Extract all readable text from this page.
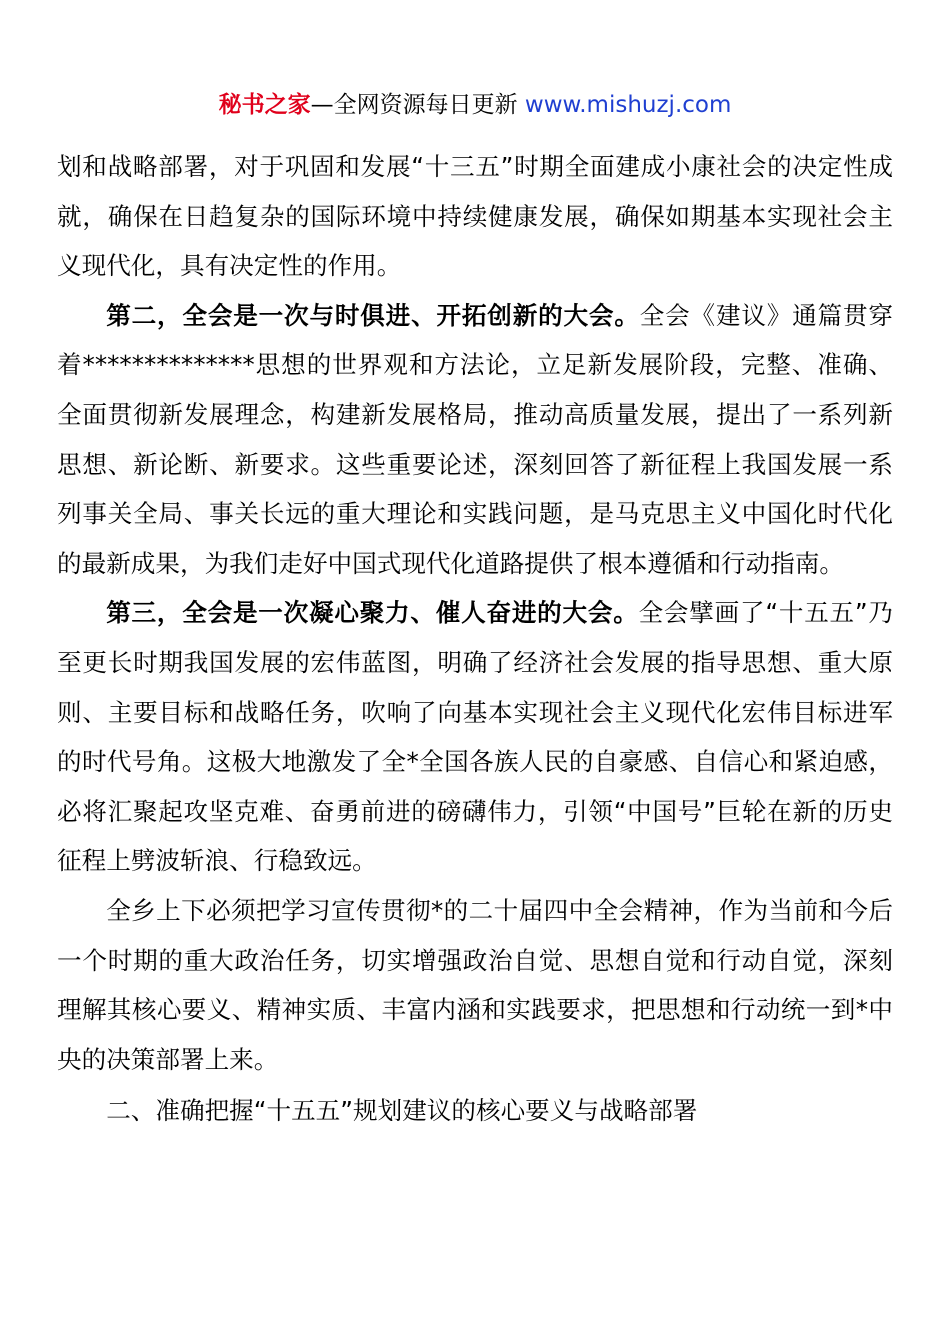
秘书之家—全网资源每日更新 www.mishuzj.com

划和战略部署，对于巩固和发展“十三五”时期全面建成小康社会的决定性成就，确保在日趋复杂的国际环境中持续健康发展，确保如期基本实现社会主义现代化，具有决定性的作用。

第二，全会是一次与时俱进、开拓创新的大会。全会《建议》通篇贯穿着**************思想的世界观和方法论，立足新发展阶段，完整、准确、全面贯彻新发展理念，构建新发展格局，推动高质量发展，提出了一系列新思想、新论断、新要求。这些重要论述，深刻回答了新征程上我国发展一系列事关全局、事关长远的重大理论和实践问题，是马克思主义中国化时代化的最新成果，为我们走好中国式现代化道路提供了根本遵循和行动指南。

第三，全会是一次凝心聚力、催人奋进的大会。全会擘画了“十五五”乃至更长时期我国发展的宏伟蓝图，明确了经济社会发展的指导思想、重大原则、主要目标和战略任务，吹响了向基本实现社会主义现代化宏伟目标进军的时代号角。这极大地激发了全*全国各族人民的自豪感、自信心和紧迫感，必将汇聚起攻坚克难、奋勇前进的磅礴伟力，引领“中国号”巨轮在新的历史征程上劈波斩浪、行稳致远。

全乡上下必须把学习宣传贯彻*的二十届四中全会精神，作为当前和今后一个时期的重大政治任务，切实增强政治自觉、思想自觉和行动自觉，深刻理解其核心要义、精神实质、丰富内涵和实践要求，把思想和行动统一到*中央的决策部署上来。

二、准确把握“十五五”规划建议的核心要义与战略部署
